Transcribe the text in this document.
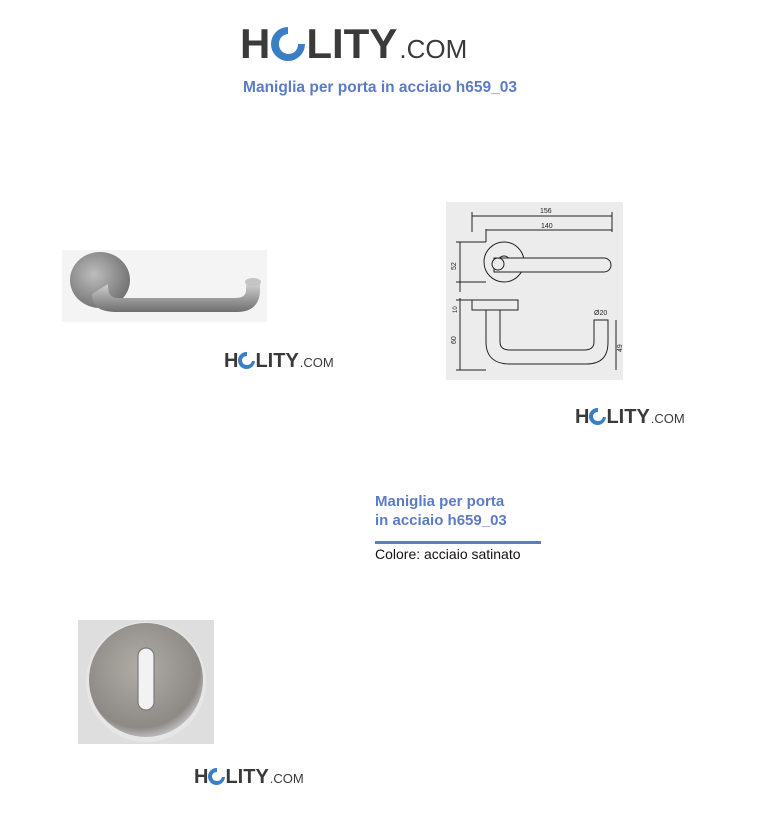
H LITY .COM
Maniglia per porta in acciaio h659_03
H LITY .COM
156
140
52
10
60
Ø20
49
H LITY .COM
Maniglia per porta
in acciaio h659_03
Colore: acciaio satinato
H LITY .COM
